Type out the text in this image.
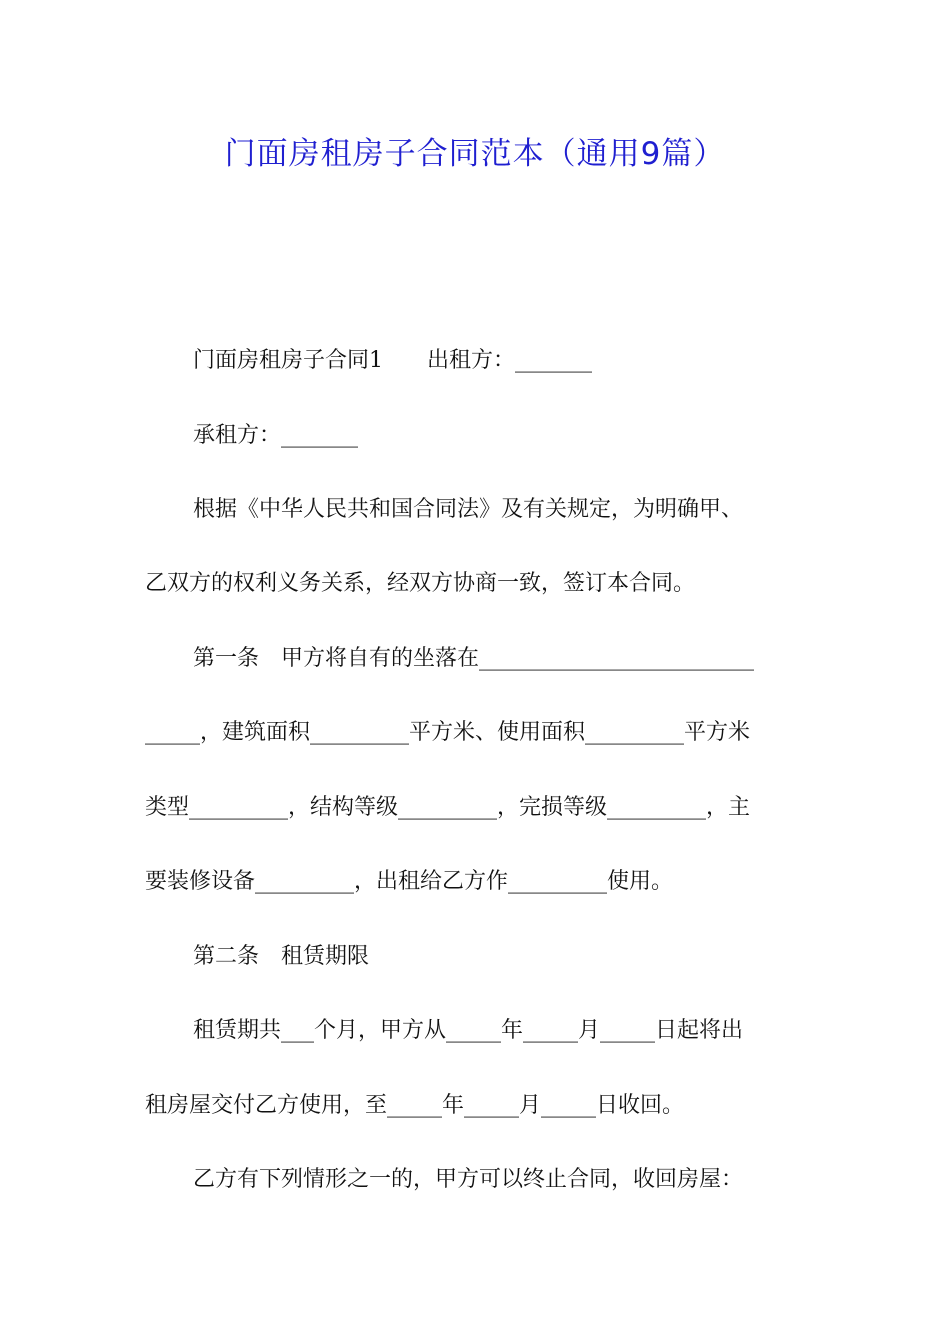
门面房租房子合同范本（通用9篇）
门面房租房子合同1　　出租方：_______
承租方：_______
根据《中华人民共和国合同法》及有关规定，为明确甲、
乙双方的权利义务关系，经双方协商一致，签订本合同。
第一条　甲方将自有的坐落在_________________________
_____，建筑面积_________平方米、使用面积_________平方米
类型_________，结构等级_________，完损等级_________，主
要装修设备_________，出租给乙方作_________使用。
第二条　租赁期限
租赁期共___个月，甲方从_____年_____月_____日起将出
租房屋交付乙方使用，至_____年_____月_____日收回。
乙方有下列情形之一的，甲方可以终止合同，收回房屋：
